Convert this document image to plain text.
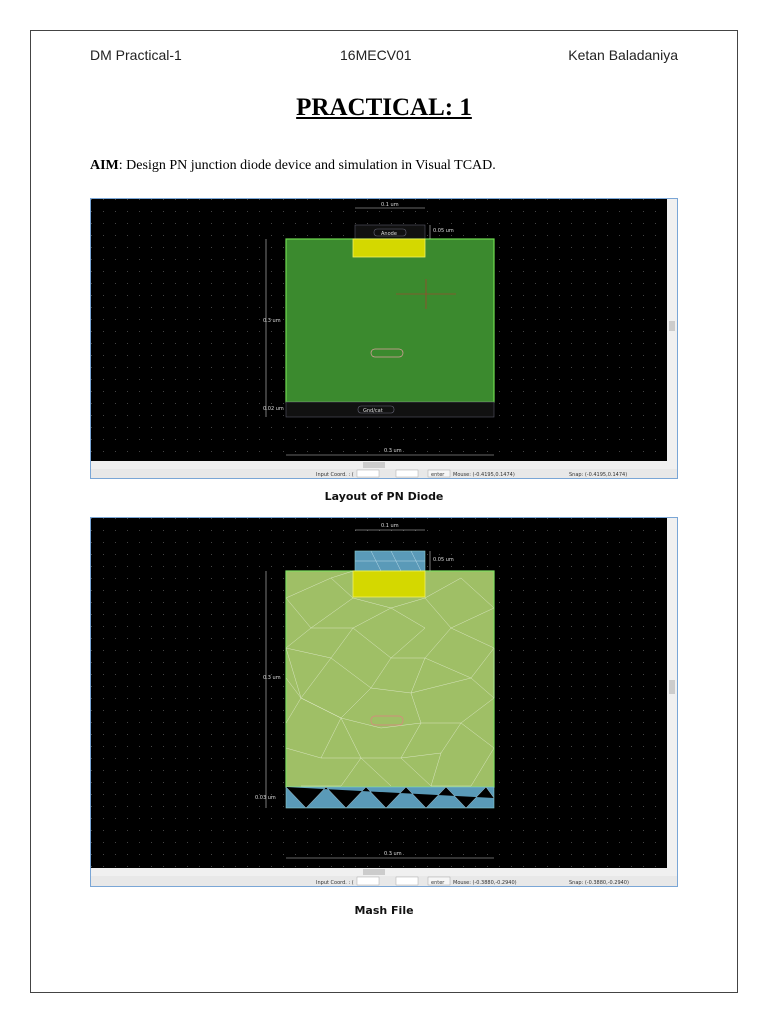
DM Practical-1	16MECV01	Ketan Baladaniya
PRACTICAL: 1
AIM: Design PN junction diode device and simulation in Visual TCAD.
Anode
Gnd/cat
0.1 um
0.05 um
0.3 um
0.02 um
0.3 um
Input Coord. : (	enter Mouse: (-0.4195,0.1474)	Snap: (-0.4195,0.1474)
Layout of PN Diode
0.1 um
0.05 um
0.3 um
0.03 um
0.3 um
Input Coord. : (	enter Mouse: (-0.3880,-0.2940)	Snap: (-0.3880,-0.2940)
Mash File
